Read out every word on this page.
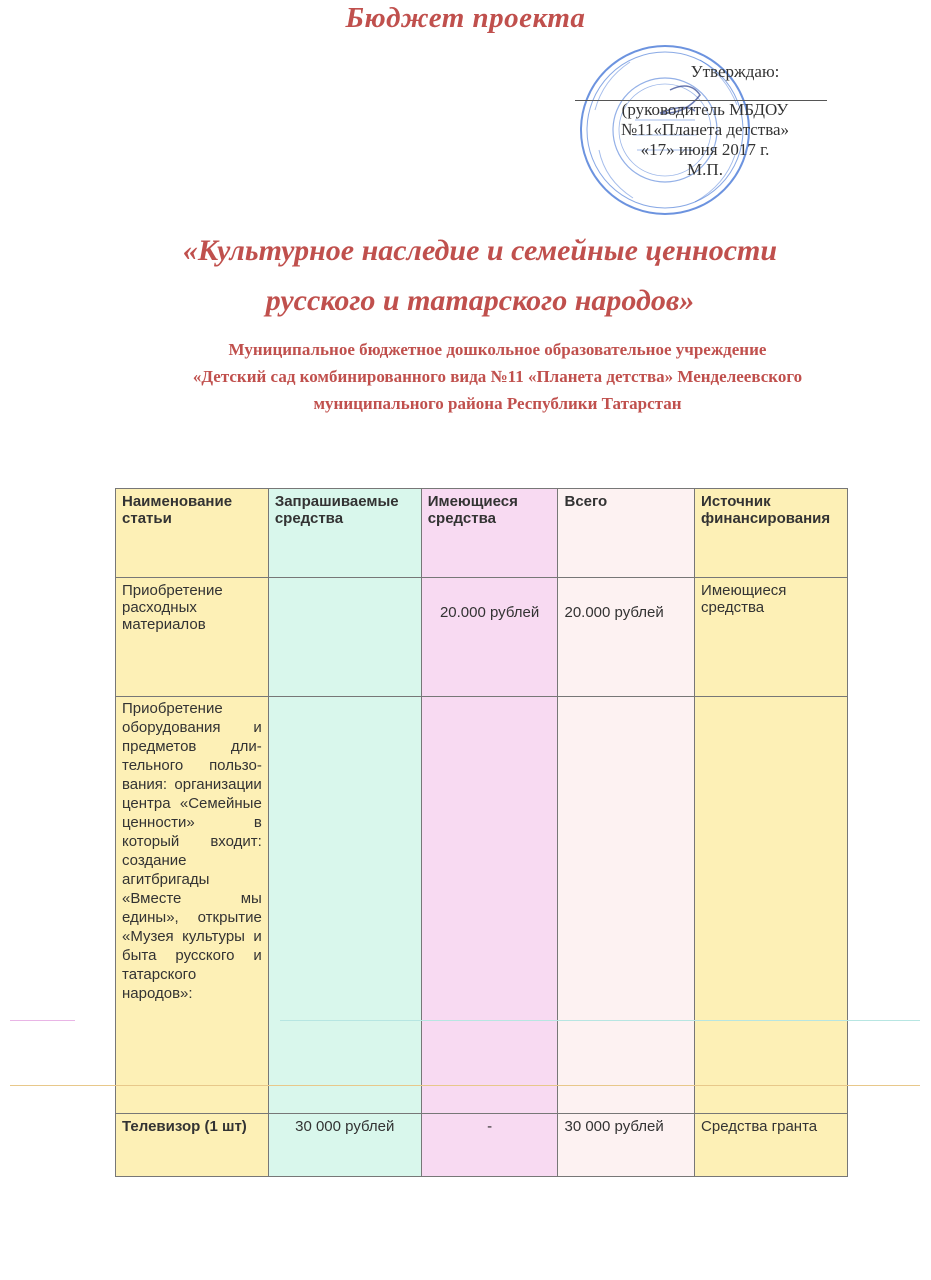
Бюджет проекта
Утверждаю:
(руководитель МБДОУ
№11«Планета детства»
«17» июня 2017 г.
М.П.
«Культурное наследие и семейные ценности
русского и татарского народов»
Муниципальное бюджетное дошкольное образовательное учреждение
«Детский сад комбинированного вида №11 «Планета детства» Менделеевского
муниципального района Республики Татарстан
Наименование статьи	Запрашиваемые средства	Имеющиеся средства	Всего	Источник финансирования
Приобретение расходных материалов		20.000 рублей	20.000 рублей	Имеющиеся средства
Приобретение оборудования и предметов дли-тельного пользо-вания: организации центра «Семейные ценности» в который входит: создание агитбригады «Вместе мы едины», открытие «Музея культуры и быта русского и татарского народов»:				
Телевизор (1 шт)	30 000 рублей	-	30 000 рублей	Средства гранта
